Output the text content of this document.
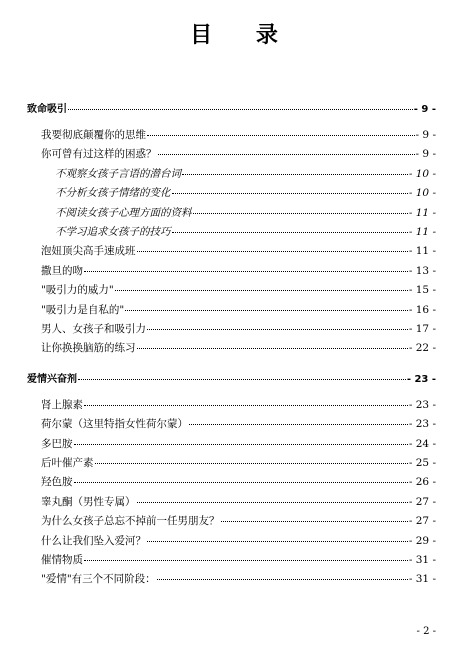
目 录
致命吸引	- 9 -
我要彻底颠覆你的思维	- 9 -
你可曾有过这样的困惑？	- 9 -
不观察女孩子言语的潜台词	- 10 -
不分析女孩子情绪的变化	- 10 -
不阅读女孩子心理方面的资料	- 11 -
不学习追求女孩子的技巧	- 11 -
泡妞顶尖高手速成班	- 11 -
撒旦的吻	- 13 -
"吸引力的威力"	- 15 -
"吸引力是自私的"	- 16 -
男人、女孩子和吸引力	- 17 -
让你换换脑筋的练习	- 22 -
爱情兴奋剂	- 23 -
肾上腺素	- 23 -
荷尔蒙（这里特指女性荷尔蒙）	- 23 -
多巴胺	- 24 -
后叶催产素	- 25 -
羟色胺	- 26 -
睾丸酮（男性专属）	- 27 -
为什么女孩子总忘不掉前一任男朋友？	- 27 -
什么让我们坠入爱河？	- 29 -
催情物质	- 31 -
"爱情"有三个不同阶段：	- 31 -
- 2 -
